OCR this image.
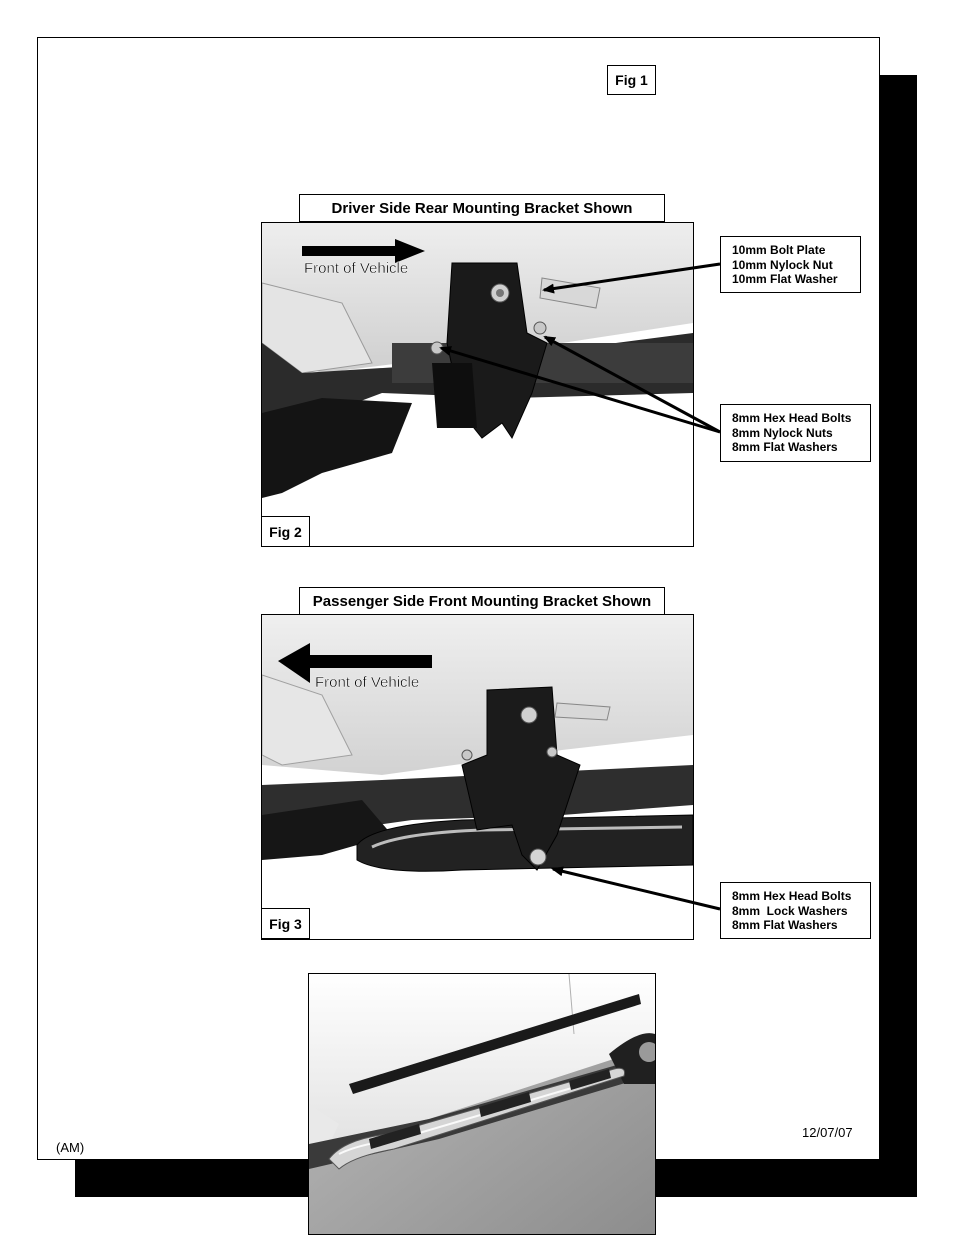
Fig 1
Driver Side Rear Mounting Bracket Shown
Front of Vehicle
Fig 2
10mm Bolt Plate
10mm Nylock Nut
10mm Flat Washer
8mm Hex Head Bolts
8mm Nylock Nuts
8mm Flat Washers
Passenger Side Front Mounting Bracket Shown
Front of Vehicle
Fig 3
8mm Hex Head Bolts
8mm  Lock Washers
8mm Flat Washers
(AM)
12/07/07
